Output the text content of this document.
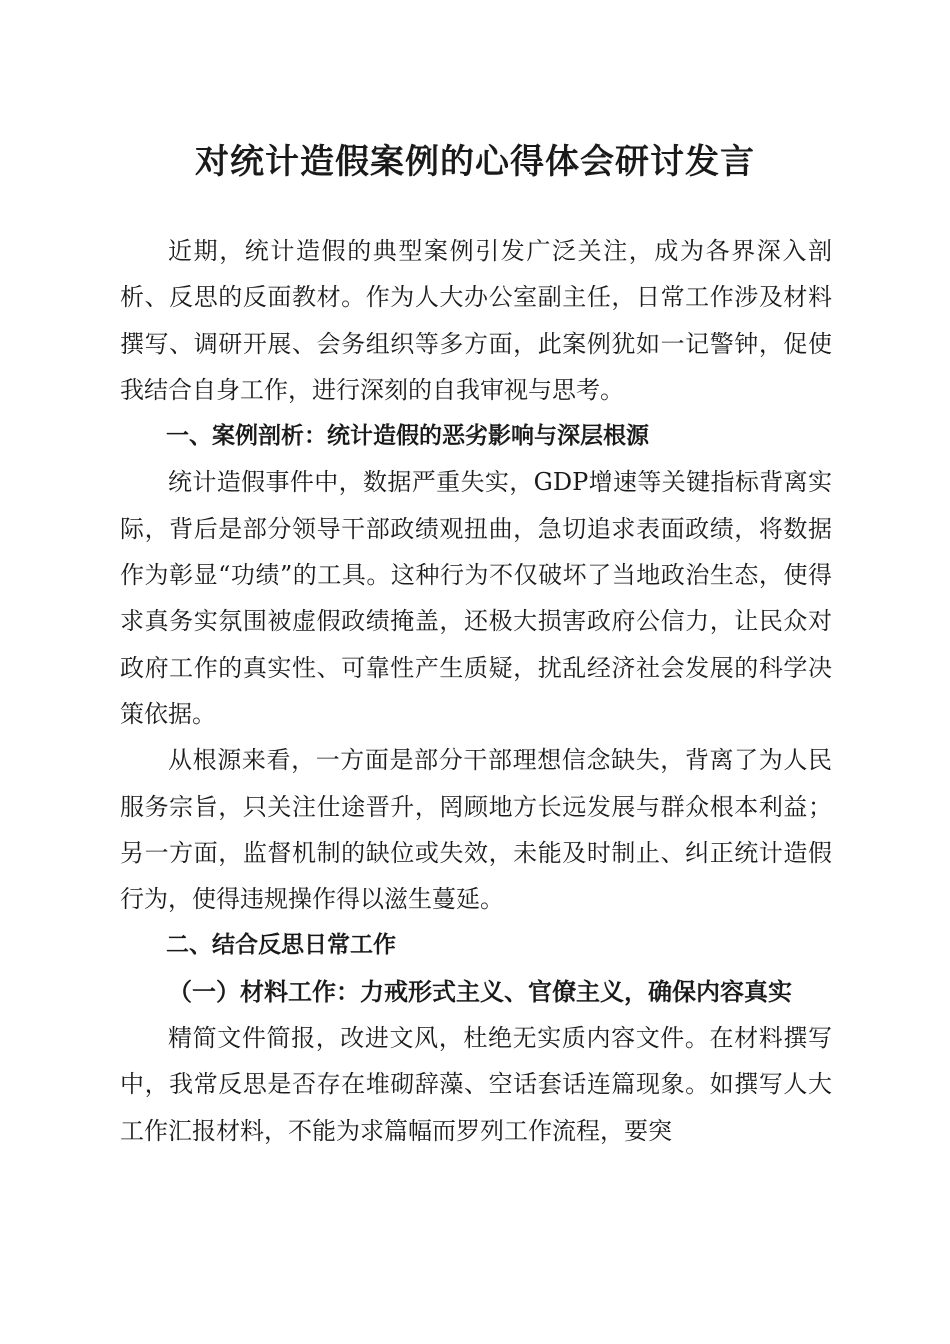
对统计造假案例的心得体会研讨发言

近期，统计造假的典型案例引发广泛关注，成为各界深入剖析、反思的反面教材。作为人大办公室副主任，日常工作涉及材料撰写、调研开展、会务组织等多方面，此案例犹如一记警钟，促使我结合自身工作，进行深刻的自我审视与思考。

一、案例剖析：统计造假的恶劣影响与深层根源

统计造假事件中，数据严重失实，GDP增速等关键指标背离实际，背后是部分领导干部政绩观扭曲，急切追求表面政绩，将数据作为彰显“功绩”的工具。这种行为不仅破坏了当地政治生态，使得求真务实氛围被虚假政绩掩盖，还极大损害政府公信力，让民众对政府工作的真实性、可靠性产生质疑，扰乱经济社会发展的科学决策依据。

从根源来看，一方面是部分干部理想信念缺失，背离了为人民服务宗旨，只关注仕途晋升，罔顾地方长远发展与群众根本利益；另一方面，监督机制的缺位或失效，未能及时制止、纠正统计造假行为，使得违规操作得以滋生蔓延。

二、结合反思日常工作

（一）材料工作：力戒形式主义、官僚主义，确保内容真实

精简文件简报，改进文风，杜绝无实质内容文件。在材料撰写中，我常反思是否存在堆砌辞藻、空话套话连篇现象。如撰写人大工作汇报材料，不能为求篇幅而罗列工作流程，要突
